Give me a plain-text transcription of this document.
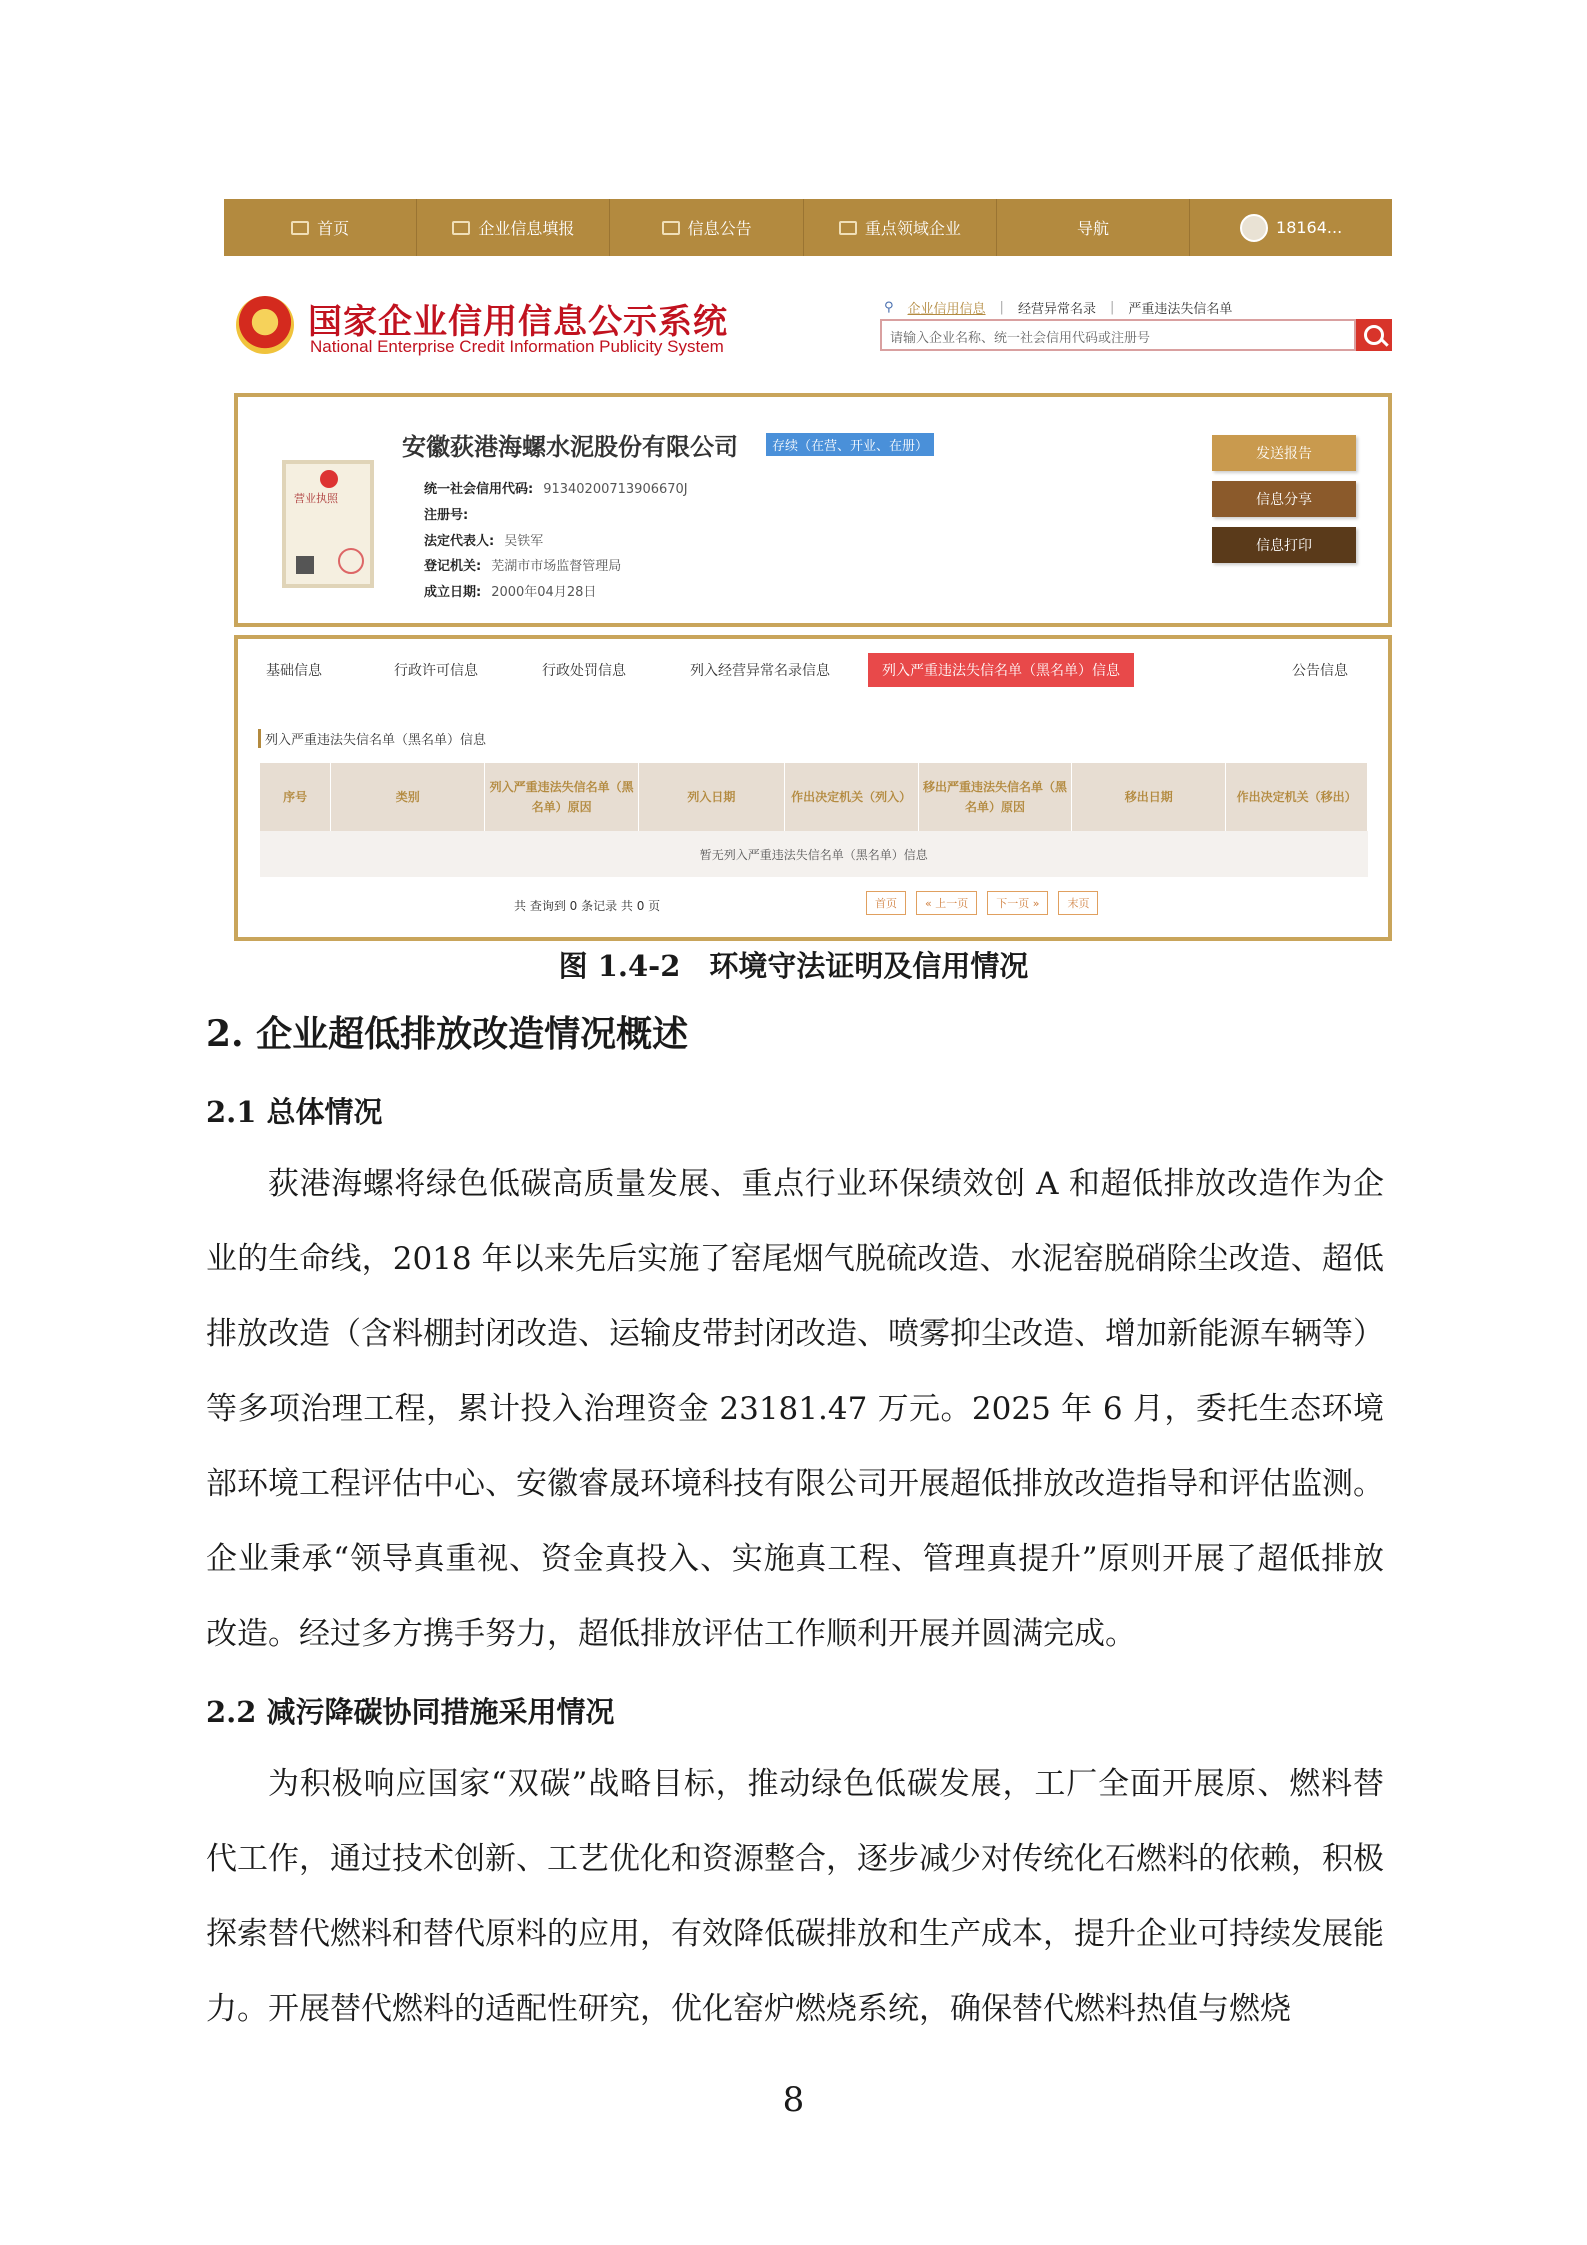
首页	企业信息填报	信息公告	重点领域企业	导航	18164...
国家企业信用信息公示系统
National Enterprise Credit Information Publicity System
⚲ 企业信用信息 | 经营异常名录 | 严重违法失信名单
请输入企业名称、统一社会信用代码或注册号
营业执照
安徽荻港海螺水泥股份有限公司	存续（在营、开业、在册）
统一社会信用代码: 91340200713906670J
注册号:
法定代表人: 吴铁军
登记机关: 芜湖市市场监督管理局
成立日期: 2000年04月28日
发送报告
信息分享
信息打印
基础信息	行政许可信息	行政处罚信息	列入经营异常名录信息	列入严重违法失信名单（黑名单）信息	公告信息
列入严重违法失信名单（黑名单）信息
序号	类别	列入严重违法失信名单（黑名单）原因	列入日期	作出决定机关（列入）	移出严重违法失信名单（黑名单）原因	移出日期	作出决定机关（移出）
暂无列入严重违法失信名单（黑名单）信息
共 查询到 0 条记录 共 0 页	首页	« 上一页	下一页 »	末页
图 1.4-2　环境守法证明及信用情况
2. 企业超低排放改造情况概述
2.1 总体情况

荻港海螺将绿色低碳高质量发展、重点行业环保绩效创 A 和超低排放改造作为企业的生命线，2018 年以来先后实施了窑尾烟气脱硫改造、水泥窑脱硝除尘改造、超低排放改造（含料棚封闭改造、运输皮带封闭改造、喷雾抑尘改造、增加新能源车辆等）等多项治理工程，累计投入治理资金 23181.47 万元。2025 年 6 月，委托生态环境部环境工程评估中心、安徽睿晟环境科技有限公司开展超低排放改造指导和评估监测。企业秉承“领导真重视、资金真投入、实施真工程、管理真提升”原则开展了超低排放改造。经过多方携手努力，超低排放评估工作顺利开展并圆满完成。

2.2 减污降碳协同措施采用情况

为积极响应国家“双碳”战略目标，推动绿色低碳发展，工厂全面开展原、燃料替代工作，通过技术创新、工艺优化和资源整合，逐步减少对传统化石燃料的依赖，积极探索替代燃料和替代原料的应用，有效降低碳排放和生产成本，提升企业可持续发展能力。开展替代燃料的适配性研究，优化窑炉燃烧系统，确保替代燃料热值与燃烧

8
